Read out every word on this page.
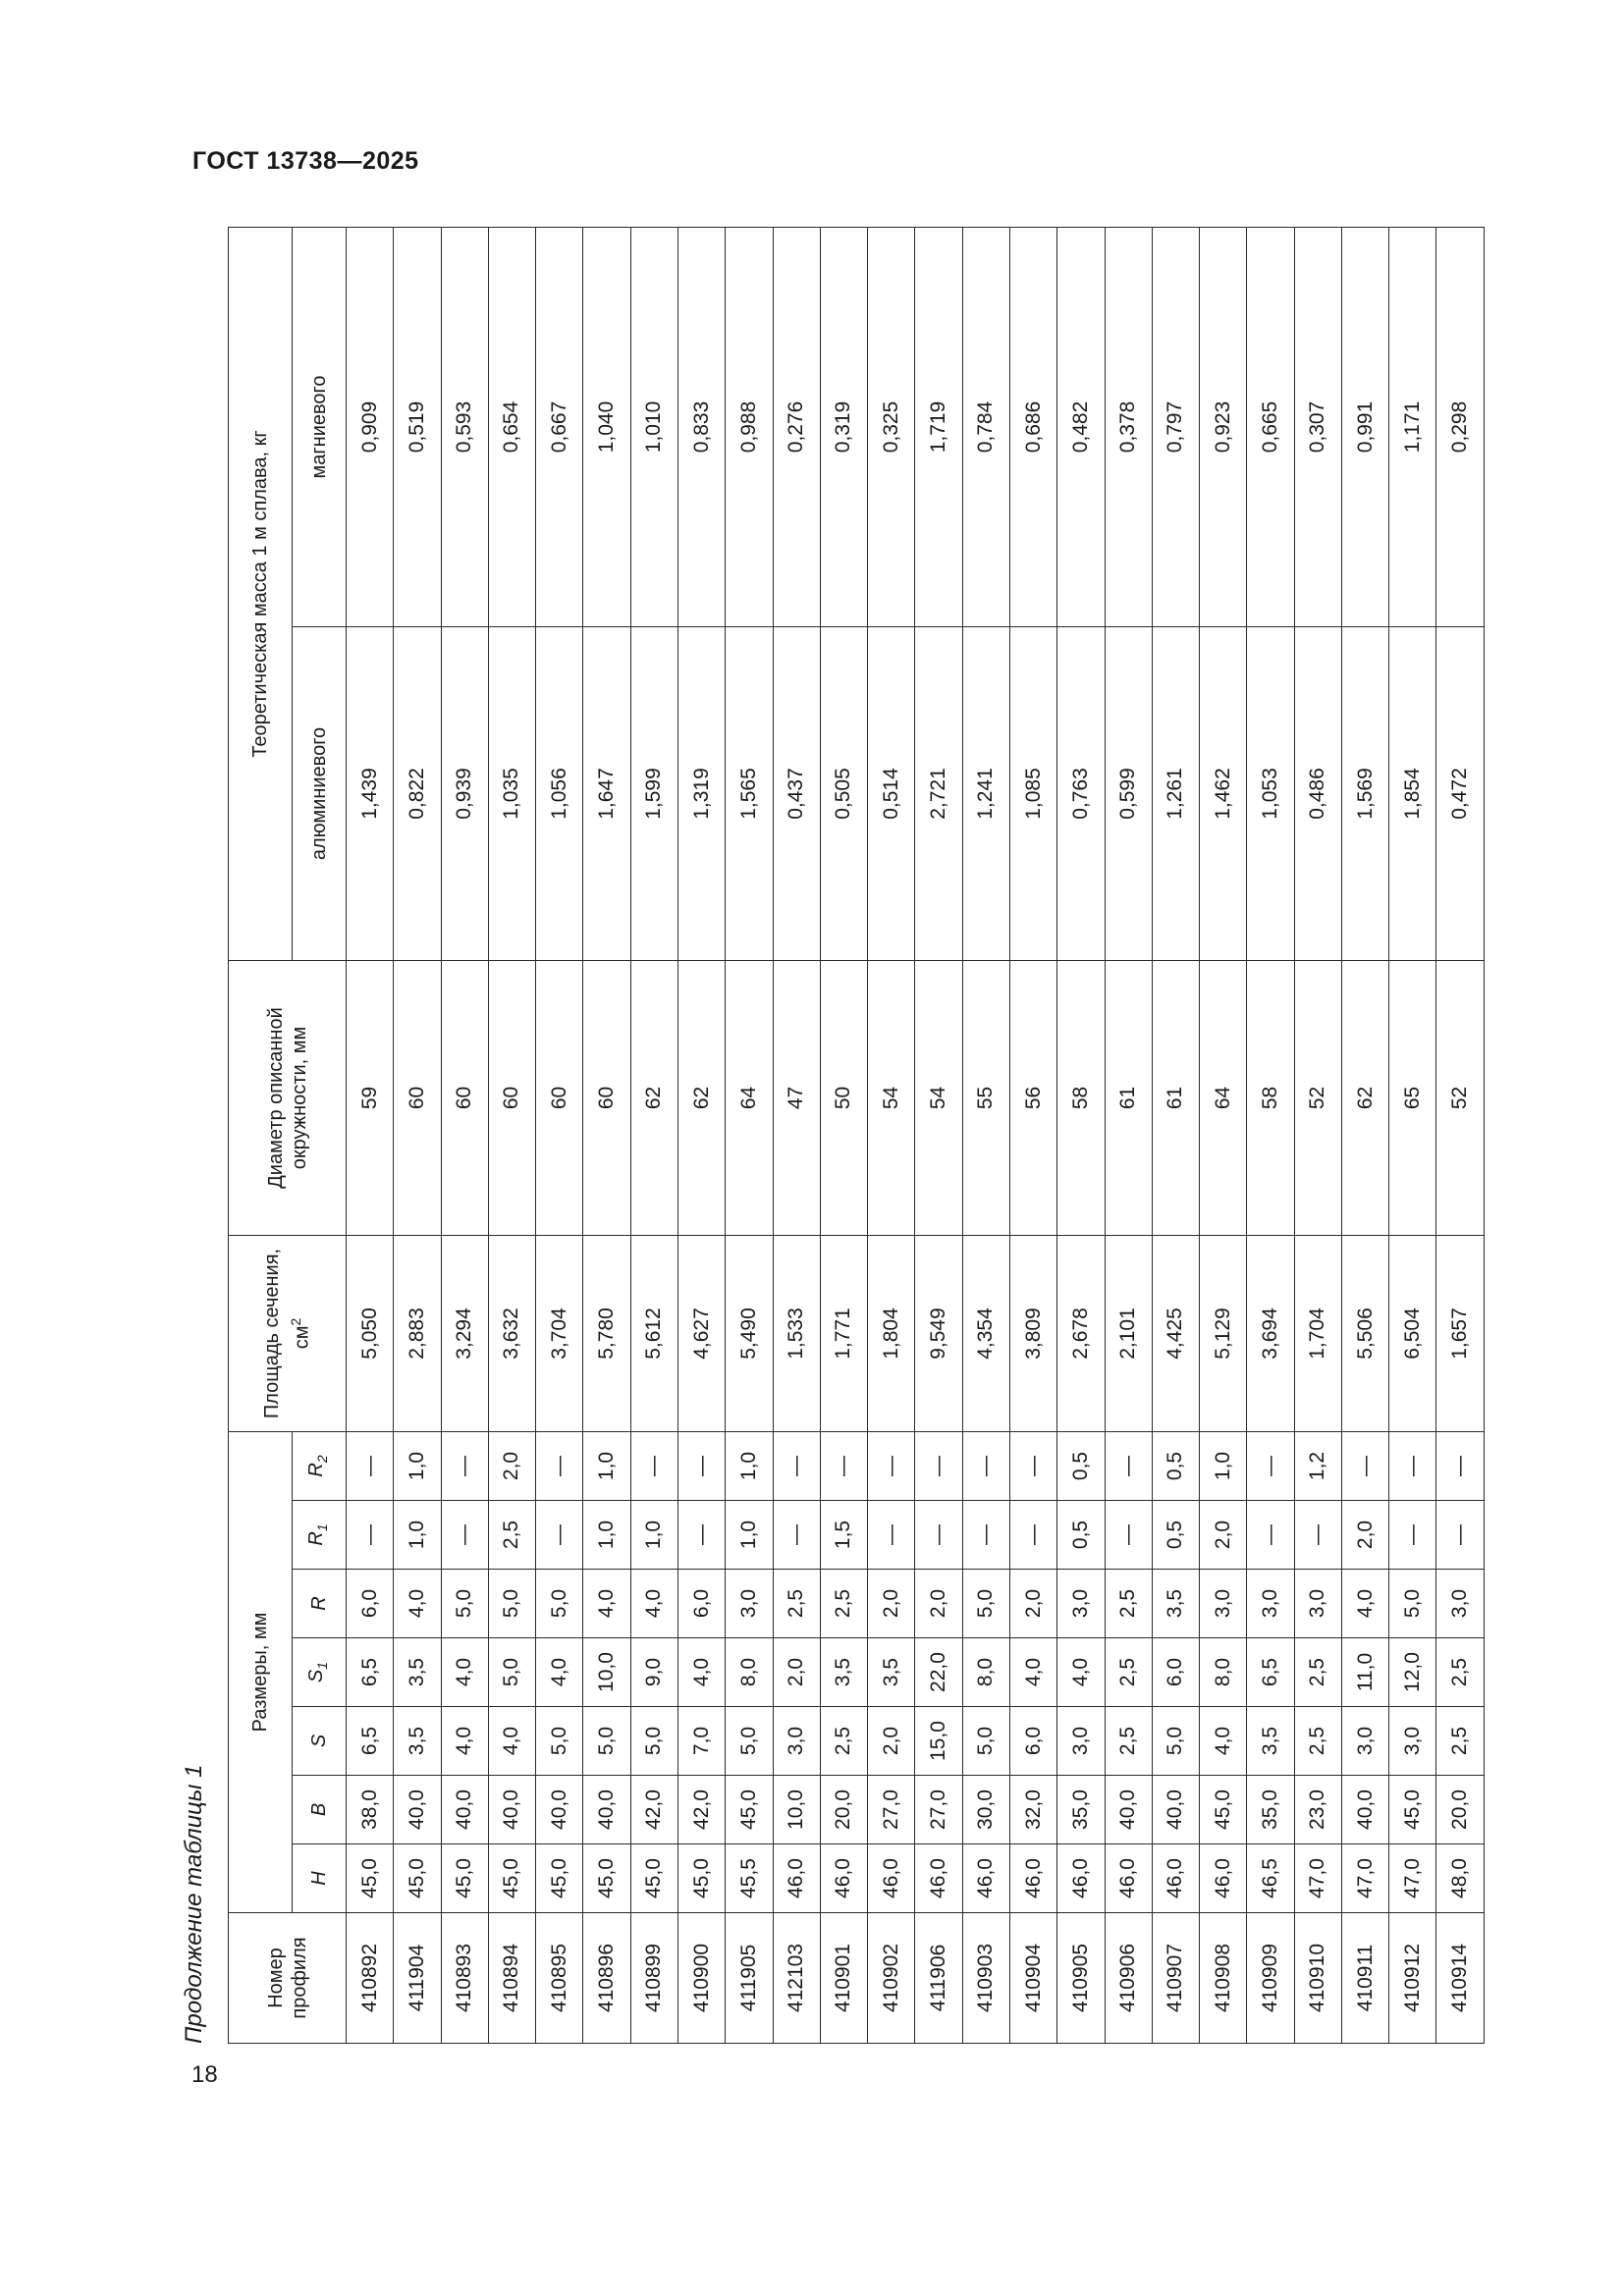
ГОСТ 13738—2025
Продолжение таблицы 1	Номер профиля	Размеры, мм							Площадь сечения, $см^2$	Диаметр описанной окружности, мм	Теоретическая масса 1 м сплава, кг	
	H	B	S	$S_1$	R	$R_1$	$R_2$			алюминиевого	магниевого
410892	45,0	38,0	6,5	6,5	6,0	—	—	5,050	59	1,439	0,909
411904	45,0	40,0	3,5	3,5	4,0	1,0	1,0	2,883	60	0,822	0,519
410893	45,0	40,0	4,0	4,0	5,0	—	—	3,294	60	0,939	0,593
410894	45,0	40,0	4,0	5,0	5,0	2,5	2,0	3,632	60	1,035	0,654
410895	45,0	40,0	5,0	4,0	5,0	—	—	3,704	60	1,056	0,667
410896	45,0	40,0	5,0	10,0	4,0	1,0	1,0	5,780	60	1,647	1,040
410899	45,0	42,0	5,0	9,0	4,0	1,0	—	5,612	62	1,599	1,010
410900	45,0	42,0	7,0	4,0	6,0	—	—	4,627	62	1,319	0,833
411905	45,5	45,0	5,0	8,0	3,0	1,0	1,0	5,490	64	1,565	0,988
412103	46,0	10,0	3,0	2,0	2,5	—	—	1,533	47	0,437	0,276
410901	46,0	20,0	2,5	3,5	2,5	1,5	—	1,771	50	0,505	0,319
410902	46,0	27,0	2,0	3,5	2,0	—	—	1,804	54	0,514	0,325
411906	46,0	27,0	15,0	22,0	2,0	—	—	9,549	54	2,721	1,719
410903	46,0	30,0	5,0	8,0	5,0	—	—	4,354	55	1,241	0,784
410904	46,0	32,0	6,0	4,0	2,0	—	—	3,809	56	1,085	0,686
410905	46,0	35,0	3,0	4,0	3,0	0,5	0,5	2,678	58	0,763	0,482
410906	46,0	40,0	2,5	2,5	2,5	—	—	2,101	61	0,599	0,378
410907	46,0	40,0	5,0	6,0	3,5	0,5	0,5	4,425	61	1,261	0,797
410908	46,0	45,0	4,0	8,0	3,0	2,0	1,0	5,129	64	1,462	0,923
410909	46,5	35,0	3,5	6,5	3,0	—	—	3,694	58	1,053	0,665
410910	47,0	23,0	2,5	2,5	3,0	—	1,2	1,704	52	0,486	0,307
410911	47,0	40,0	3,0	11,0	4,0	2,0	—	5,506	62	1,569	0,991
410912	47,0	45,0	3,0	12,0	5,0	—	—	6,504	65	1,854	1,171
410914	48,0	20,0	2,5	2,5	3,0	—	—	1,657	52	0,472	0,298
18
